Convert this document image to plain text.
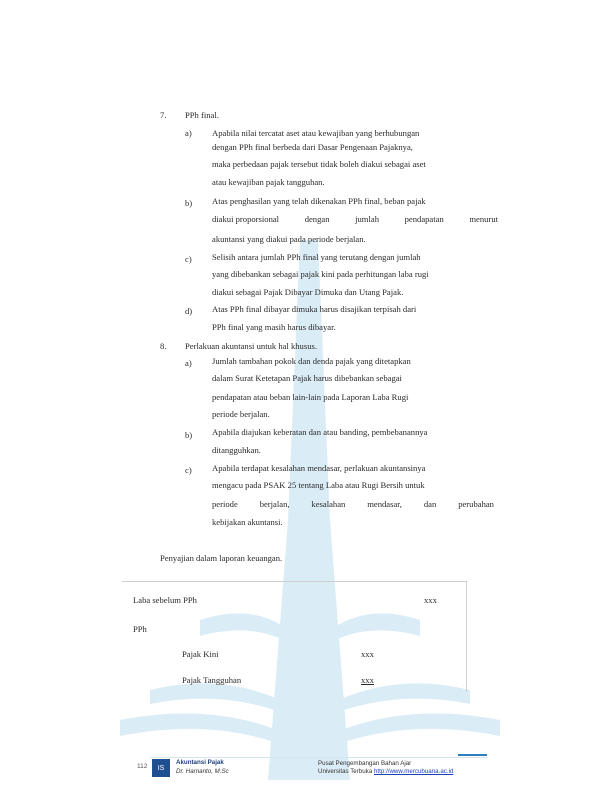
7. PPh final.
a) Apabila nilai tercatat aset atau kewajiban yang berhubungan
dengan PPh final berbeda dari Dasar Pengenaan Pajaknya,
maka perbedaan pajak tersebut tidak boleh diakui sebagai aset
atau kewajiban pajak tangguhan.
b) Atas penghasilan yang telah dikenakan PPh final, beban pajak
diakui proporsional	dengan	jumlah	pendapatan	menurut
akuntansi yang diakui pada periode berjalan.
c) Selisih antara jumlah PPh final yang terutang dengan jumlah
yang dibebankan sebagai pajak kini pada perhitungan laba rugi
diakui sebagai Pajak Dibayar Dimuka dan Utang Pajak.
d) Atas PPh final dibayar dimuka harus disajikan terpisah dari
PPh final yang masih harus dibayar.
8. Perlakuan akuntansi untuk hal khusus.
a) Jumlah tambahan pokok dan denda pajak yang ditetapkan
dalam Surat Ketetapan Pajak harus dibebankan sebagai
pendapatan atau beban lain-lain pada Laporan Laba Rugi
periode berjalan.
b) Apabila diajukan keberatan dan atau banding, pembebanannya
ditangguhkan.
c) Apabila terdapat kesalahan mendasar, perlakuan akuntansinya
mengacu pada PSAK 25 tentang Laba atau Rugi Bersih untuk
periode	berjalan,	kesalahan	mendasar,	dan	perubahan
kebijakan akuntansi.
Penyajian dalam laporan keuangan.
Laba sebelum PPh	xxx
PPh
Pajak Kini	xxx
Pajak Tangguhan	xxx
112	IS
Akuntansi Pajak
Dr. Harnanto, M.Sc
Pusat Pengembangan Bahan Ajar
Universitas Terbuka http://www.mercubuana.ac.id
